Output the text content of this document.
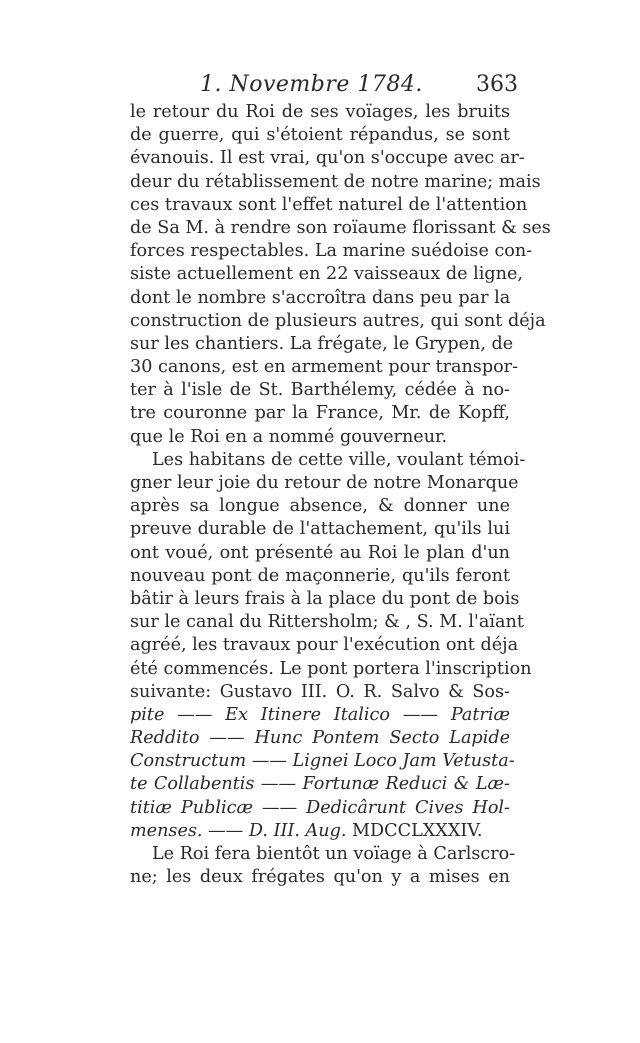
1. Novembre 1784. 363
le retour du Roi de ses voïages, les bruits
de guerre, qui s'étoient répandus, se sont
évanouis. Il est vrai, qu'on s'occupe avec ar-
deur du rétablissement de notre marine; mais
ces travaux sont l'effet naturel de l'attention
de Sa M. à rendre son roïaume florissant & ses
forces respectables. La marine suédoise con-
siste actuellement en 22 vaisseaux de ligne,
dont le nombre s'accroîtra dans peu par la
construction de plusieurs autres, qui sont déja
sur les chantiers. La frégate, le Grypen, de
30 canons, est en armement pour transpor-
ter à l'isle de St. Barthélemy, cédée à no-
tre couronne par la France, Mr. de Kopff,
que le Roi en a nommé gouverneur.
Les habitans de cette ville, voulant témoi-
gner leur joie du retour de notre Monarque
après sa longue absence, & donner une
preuve durable de l'attachement, qu'ils lui
ont voué, ont présenté au Roi le plan d'un
nouveau pont de maçonnerie, qu'ils feront
bâtir à leurs frais à la place du pont de bois
sur le canal du Rittersholm; & , S. M. l'aïant
agréé, les travaux pour l'exécution ont déja
été commencés. Le pont portera l'inscription
suivante: Gustavo III. O. R. Salvo & Sos-
pite —— Ex Itinere Italico —— Patriæ
Reddito —— Hunc Pontem Secto Lapide
Constructum —— Lignei Loco Jam Vetusta-
te Collabentis —— Fortunæ Reduci & Læ-
titiæ Publicæ —— Dedicârunt Cives Hol-
menses. —— D. III. Aug. MDCCLXXXIV.
Le Roi fera bientôt un voïage à Carlscro-
ne; les deux frégates qu'on y a mises en
